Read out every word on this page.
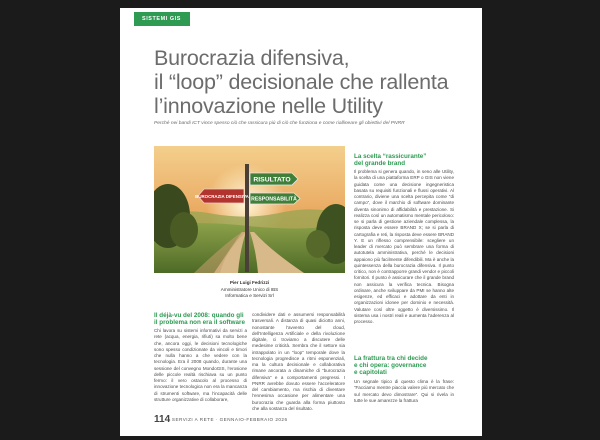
SISTEMI GIS
Burocrazia difensiva,
il “loop” decisionale che rallenta
l’innovazione nelle Utility
Perché nei bandi ICT vince spesso ciò che rassicura più di ciò che funziona e come riallineare gli obiettivi del PNRR
RISULTATO
BUROCRAZIA DIFENSIVA RESPONSABILITÀ
Pier Luigi Fedrizzi
Amministratore Unico di IBS
Informatica e Servizi Srl
Il déjà-vu del 2008: quando gli
il problema non era il software

Chi lavora su sistemi informativi da servizi a rete (acqua, energia, rifiuti) sa molto bene che, ancora oggi, le decisioni tecnologiche sono spesso condizionate da vincoli e timori che nulla hanno a che vedere con la tecnologia. Era il 2008 quando, durante una sessione del convegno MondoGIS, l’erosione delle piccole realtà rischiava su un punto fermo: il vero ostacolo al processo di innovazione tecnologica non era la mancanza di strumenti software, ma l’incapacità delle strutture organizzative di collaborare,

condividere dati e assumersi responsabilità trasversali. A distanza di quasi diciotto anni, nonostante l’avvento del cloud, dell’Intelligenza Artificiale e della rivoluzione digitale, ci troviamo a discutere delle medesime criticità. Sembra che il settore sia intrappolato in un “loop” temporale dove la tecnologia progredisce a ritmi esponenziali, ma la cultura decisionale e collaborativa rimane ancorata a dinamiche di “burocrazia difensiva” e a comportamenti pregressi. I PNRR avrebbe dovuto essere l’acceleratore del cambiamento, ma rischia di diventare l’ennesima occasione per alimentare una burocrazia che guarda alla forma piuttosto che alla sostanza del risultato.

La scelta “rassicurante”
del grande brand

Il problema si genera quando, in seno alle Utility, la scelta di una piattaforma ERP o GIS non viene guidata come una decisione ingegneristica basata su requisiti funzionali e flussi operativi. Al contrario, diviene una scelta percepita come “di campo”, dove il marchio di software dominante diventa sinonimo di affidabilità e prestazione. Si realizza così un automatismo mentale pericoloso: se si parla di gestione aziendale complessa, la risposta deve essere BRAND X; se si parla di cartografia e reti, la risposta deve essere BRAND Y. E un riflesso comprensibile: scegliere un leader di mercato può sembrare una forma di autotutela amministrativa, perché le decisioni appaiono più facilmente difendibili. Ma è anche la quintessenza della burocrazia difensiva. Il punto critico, non è contrapporre grandi vendor e piccoli fornitori. Il punto è assicurare che il grande brand non assicura la verifica tecnica. Bisogna ordinare, anche sviluppare da PMI se hanno alte esigenze, ed efficaci e adottare da enti in organizzazioni idonee per dominio e necessità. Valutare così oltre oggetto è diversissimo. Il sistema usa i nostri reali e aumenta l’aderenza al processo.

La frattura tra chi decide
e chi opera: governance
e capitolati

Un segnale tipico di questo clima è la frase: “Facciamo mentre piaccia valere più mercato che sul mercato devo dimostrare”. Qui si rivela in tutte le sue amarezze la frattura

114 SERVIZI A RETE · GENNAIO-FEBBRAIO 2026
